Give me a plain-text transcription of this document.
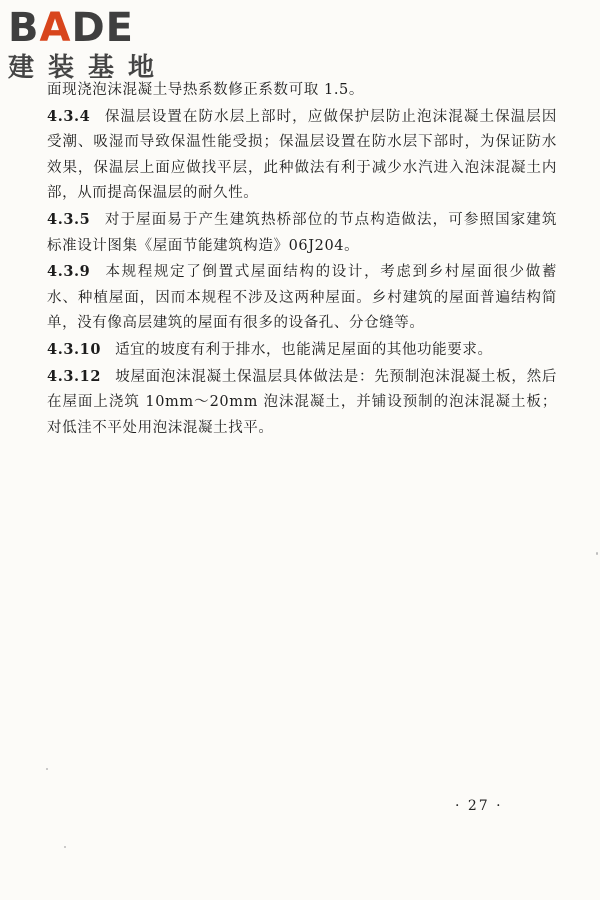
BADE
建装基地

面现浇泡沫混凝土导热系数修正系数可取 1.5。

4.3.4 保温层设置在防水层上部时，应做保护层防止泡沫混凝土保温层因受潮、吸湿而导致保温性能受损；保温层设置在防水层下部时，为保证防水效果，保温层上面应做找平层，此种做法有利于减少水汽进入泡沫混凝土内部，从而提高保温层的耐久性。

4.3.5 对于屋面易于产生建筑热桥部位的节点构造做法，可参照国家建筑标准设计图集《屋面节能建筑构造》06J204。

4.3.9 本规程规定了倒置式屋面结构的设计，考虑到乡村屋面很少做蓄水、种植屋面，因而本规程不涉及这两种屋面。乡村建筑的屋面普遍结构简单，没有像高层建筑的屋面有很多的设备孔、分仓缝等。

4.3.10 适宜的坡度有利于排水，也能满足屋面的其他功能要求。

4.3.12 坡屋面泡沫混凝土保温层具体做法是：先预制泡沫混凝土板，然后在屋面上浇筑 10mm～20mm 泡沫混凝土，并铺设预制的泡沫混凝土板；对低洼不平处用泡沫混凝土找平。

· 27 ·
